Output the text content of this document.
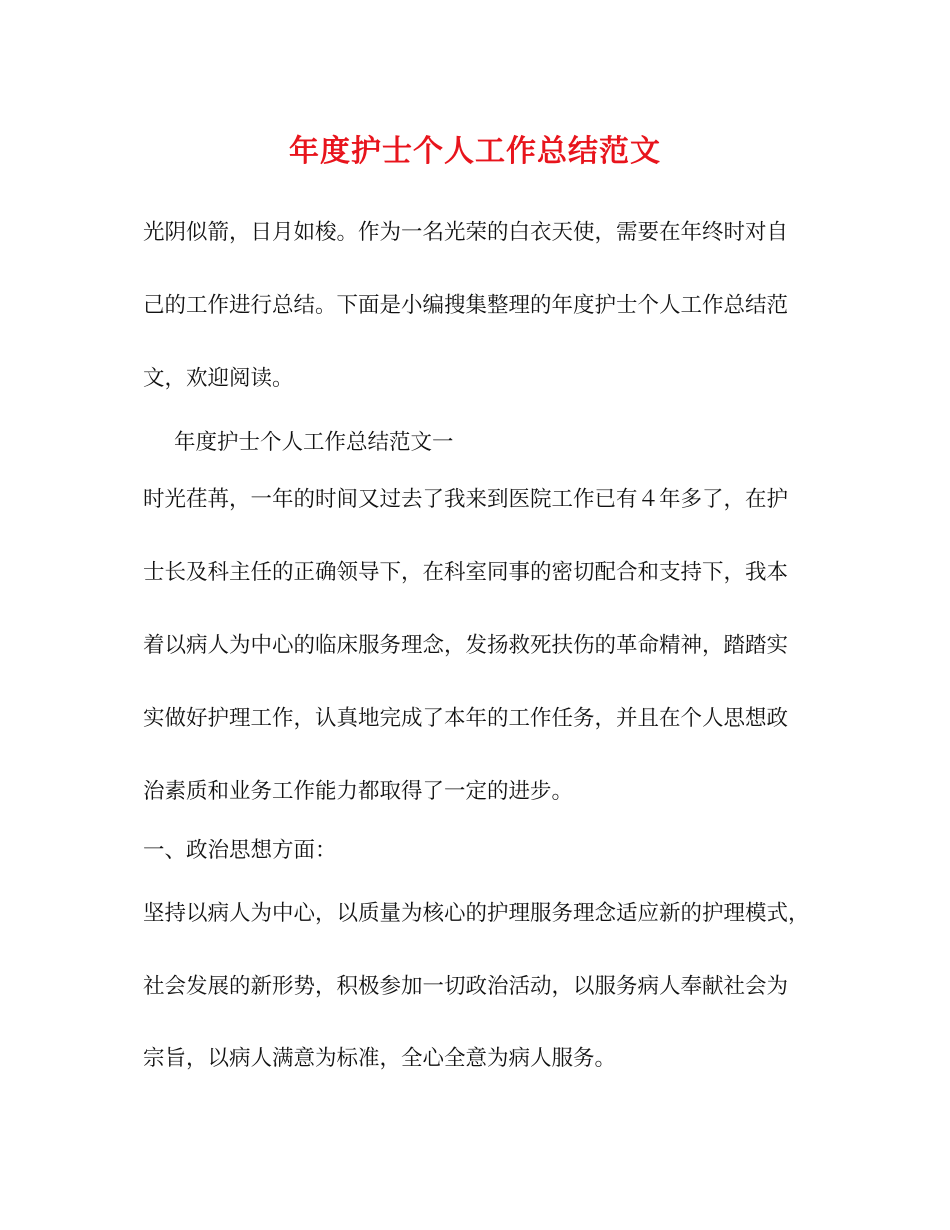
年度护士个人工作总结范文
光阴似箭，日月如梭。作为一名光荣的白衣天使，需要在年终时对自
己的工作进行总结。下面是小编搜集整理的年度护士个人工作总结范
文，欢迎阅读。
年度护士个人工作总结范文一
时光荏苒，一年的时间又过去了我来到医院工作已有４年多了，在护
士长及科主任的正确领导下，在科室同事的密切配合和支持下，我本
着以病人为中心的临床服务理念，发扬救死扶伤的革命精神，踏踏实
实做好护理工作，认真地完成了本年的工作任务，并且在个人思想政
治素质和业务工作能力都取得了一定的进步。
一、政治思想方面：
坚持以病人为中心，以质量为核心的护理服务理念适应新的护理模式，
社会发展的新形势，积极参加一切政治活动，以服务病人奉献社会为
宗旨，以病人满意为标准，全心全意为病人服务。
